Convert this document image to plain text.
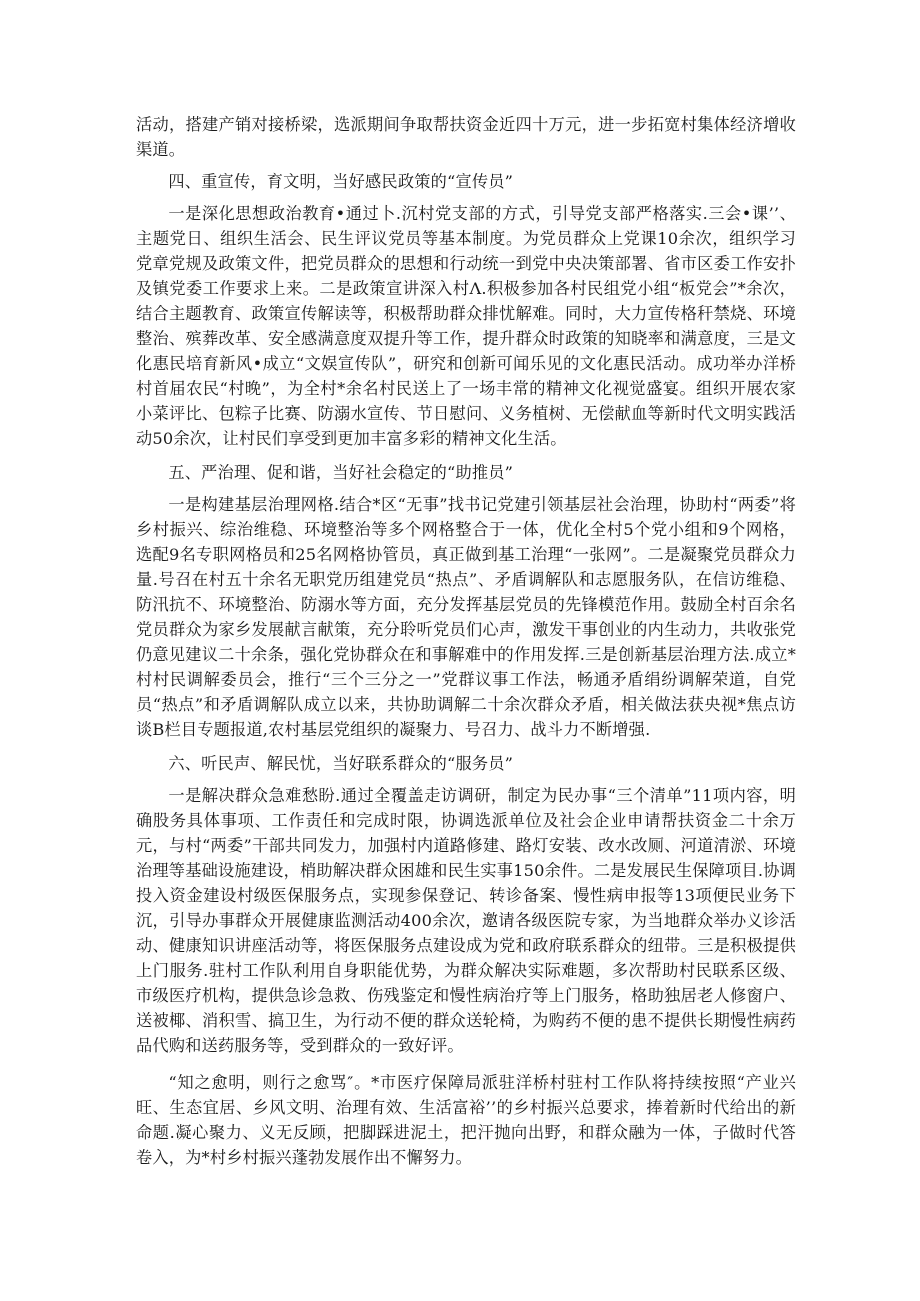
活动，搭建产销对接桥梁，选派期间争取帮扶资金近四十万元，进一步拓宽村集体经济增收渠道。

四、重宣传，育文明，当好感民政策的“宣传员”

一是深化思想政治教育•通过卜.沉村党支部的方式，引导党支部严格落实.三会•课’’、主题党日、组织生活会、民生评议党员等基本制度。为党员群众上党课10余次，组织学习党章党规及政策文件，把党员群众的思想和行动统一到党中央决策部署、省市区委工作安扑及镇党委工作要求上来。二是政策宣讲深入村Λ.积极参加各村民组党小组“板党会”*余次，结合主题教育、政策宣传解读等，积极帮助群众排忧解难。同时，大力宣传格秆禁烧、环境整治、殡葬改革、安全感满意度双提升等工作，提升群众时政策的知晓率和满意度，三是文化惠民培育新风•成立“文娱宣传队”，研究和创新可闻乐见的文化惠民活动。成功举办洋桥村首届农民“村晚”，为全村*余名村民送上了一场丰常的精神文化视觉盛宴。组织开展农家小菜评比、包粽子比赛、防溺水宣传、节日慰问、义务植树、无偿献血等新时代文明实践活动50余次，让村民们享受到更加丰富多彩的精神文化生活。

五、严治理、促和谐，当好社会稳定的“助推员”

一是构建基层治理网格.结合*区“无事”找书记党建引领基层社会治理，协助村“两委”将乡村振兴、综治维稳、环境整治等多个网格整合于一体，优化全村5个党小组和9个网格，选配9名专职网格员和25名网格协管员，真正做到基工治理“一张网”。二是凝聚党员群众力量.号召在村五十余名无职党历组建党员“热点”、矛盾调解队和志愿服务队，在信访维稳、防汛抗不、环境整治、防溺水等方面，充分发挥基层党员的先锋模范作用。鼓励全村百余名党员群众为家乡发展献言献策，充分聆听党员们心声，激发干事创业的内生动力，共收张党仍意见建议二十余条，强化党协群众在和事解难中的作用发挥.三是创新基层治理方法.成立*村村民调解委员会，推行“三个三分之一”党群议事工作法，畅通矛盾绢纷调解荣道，自党员“热点”和矛盾调解队成立以来，共协助调解二十余次群众矛盾，相关做法获央视*焦点访谈B栏目专题报道,农村基层党组织的凝聚力、号召力、战斗力不断增强.

六、听民声、解民忧，当好联系群众的“服务员”

一是解决群众急难愁盼.通过全覆盖走访调研，制定为民办事“三个清单”11项内容，明确股务具体事项、工作责任和完成时限，协调选派单位及社会企业申请帮扶资金二十余万元，与村“两委”干部共同发力，加强村内道路修建、路灯安装、改水改厕、河道清淤、环境治理等基础设施建设，梢助解决群众困雄和民生实事150余件。二是发展民生保障项目.协调投入资金建设村级医保服务点，实现参保登记、转诊备案、慢性病申报等13项便民业务下沉，引导办事群众开展健康监测活动400余次，邀请各级医院专家，为当地群众举办义诊活动、健康知识讲座活动等，将医保服务点建设成为党和政府联系群众的纽带。三是积极提供上门服务.驻村工作队利用自身职能优势，为群众解决实际难题，多次帮助村民联系区级、市级医疗机构，提供急诊急救、伤残鉴定和慢性病治疗等上门服务，格助独居老人修窗户、送被椰、消积雪、搞卫生，为行动不便的群众送轮椅，为购药不便的患不提供长期慢性病药品代购和送药服务等，受到群众的一致好评。

“知之愈明，则行之愈骂″。*市医疗保障局派驻洋桥村驻村工作队将持续按照“产业兴旺、生态宜居、乡风文明、治理有效、生活富裕’’的乡村振兴总要求，捧着新时代给出的新命题.凝心聚力、义无反顾，把脚踩进泥土，把汗抛向出野，和群众融为一体，子做时代答卷入，为*村乡村振兴蓬勃发展作出不懈努力。
